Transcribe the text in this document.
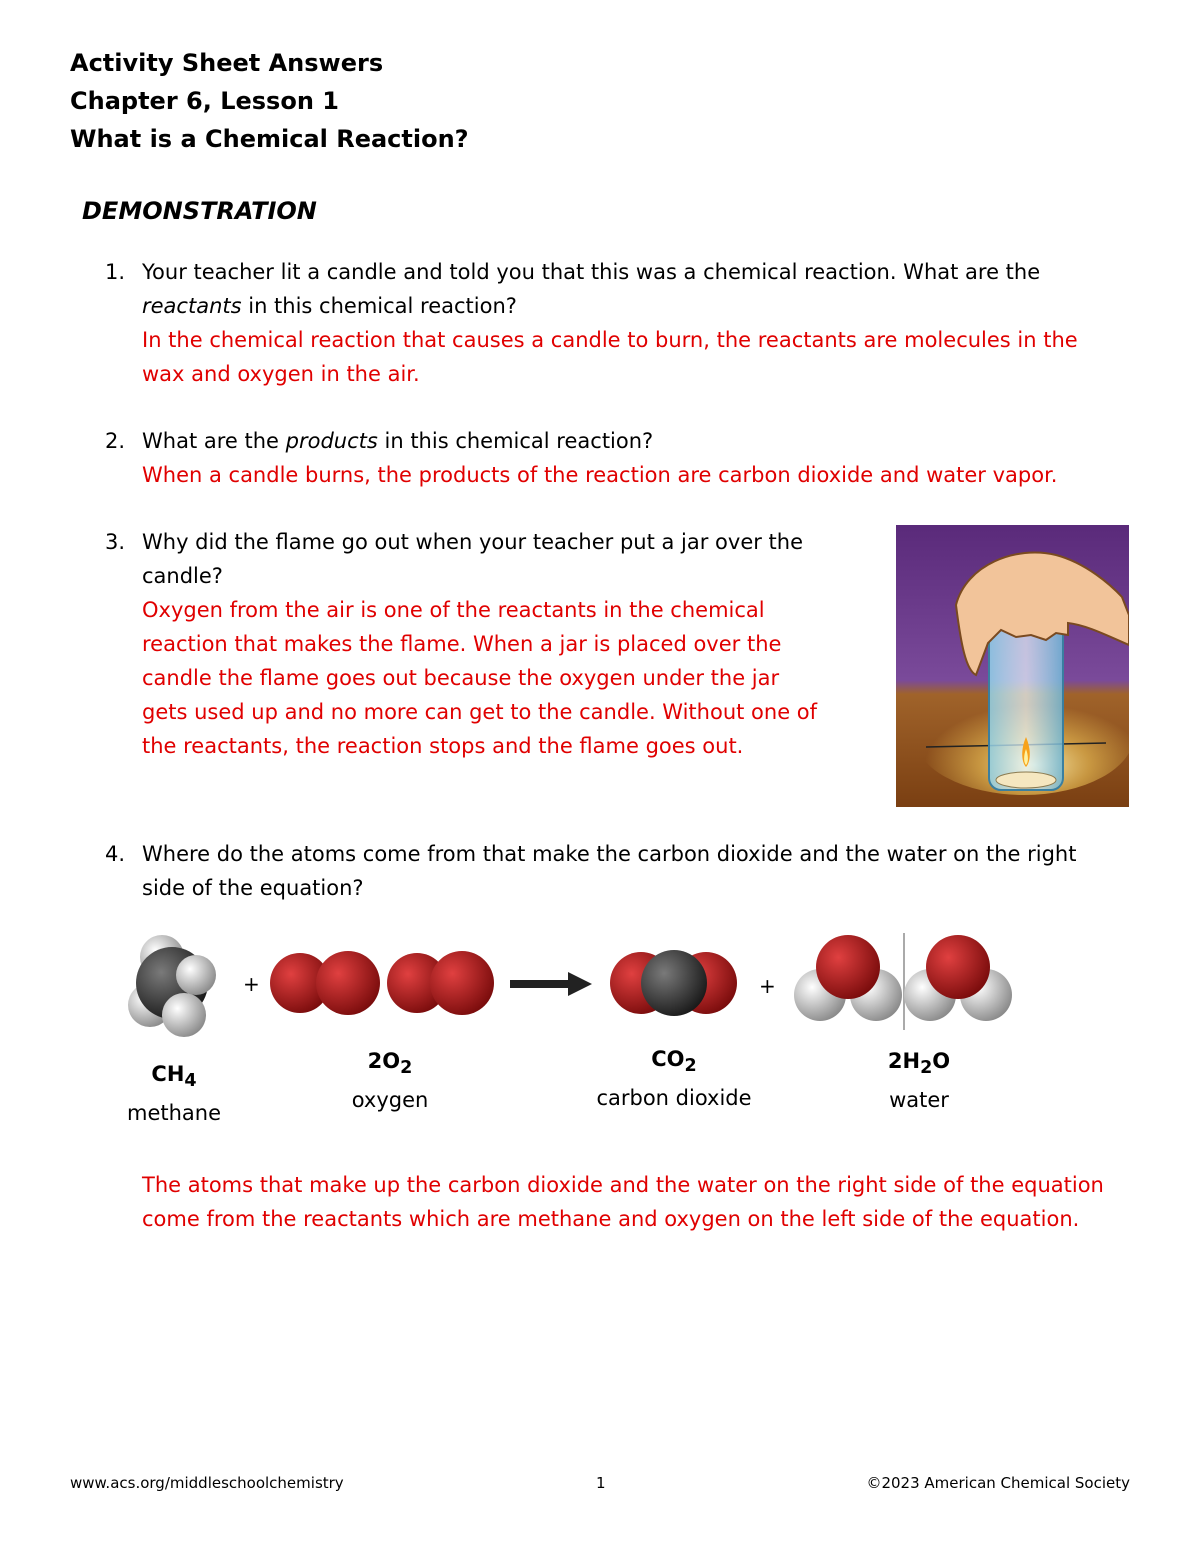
Activity Sheet Answers
Chapter 6, Lesson 1
What is a Chemical Reaction?
DEMONSTRATION
1. Your teacher lit a candle and told you that this was a chemical reaction. What are the reactants in this chemical reaction?
In the chemical reaction that causes a candle to burn, the reactants are molecules in the wax and oxygen in the air.
2. What are the products in this chemical reaction?
When a candle burns, the products of the reaction are carbon dioxide and water vapor.
3. Why did the flame go out when your teacher put a jar over the candle?
Oxygen from the air is one of the reactants in the chemical reaction that makes the flame. When a jar is placed over the candle the flame goes out because the oxygen under the jar gets used up and no more can get to the candle. Without one of the reactants, the reaction stops and the flame goes out.
4. Where do the atoms come from that make the carbon dioxide and the water on the right side of the equation?
+	+
$CH_4$
methane
$2O_2$
oxygen
$CO_2$
carbon dioxide
$2H_2O$
water
The atoms that make up the carbon dioxide and the water on the right side of the equation come from the reactants which are methane and oxygen on the left side of the equation.
www.acs.org/middleschoolchemistry	1	©2023 American Chemical Society
